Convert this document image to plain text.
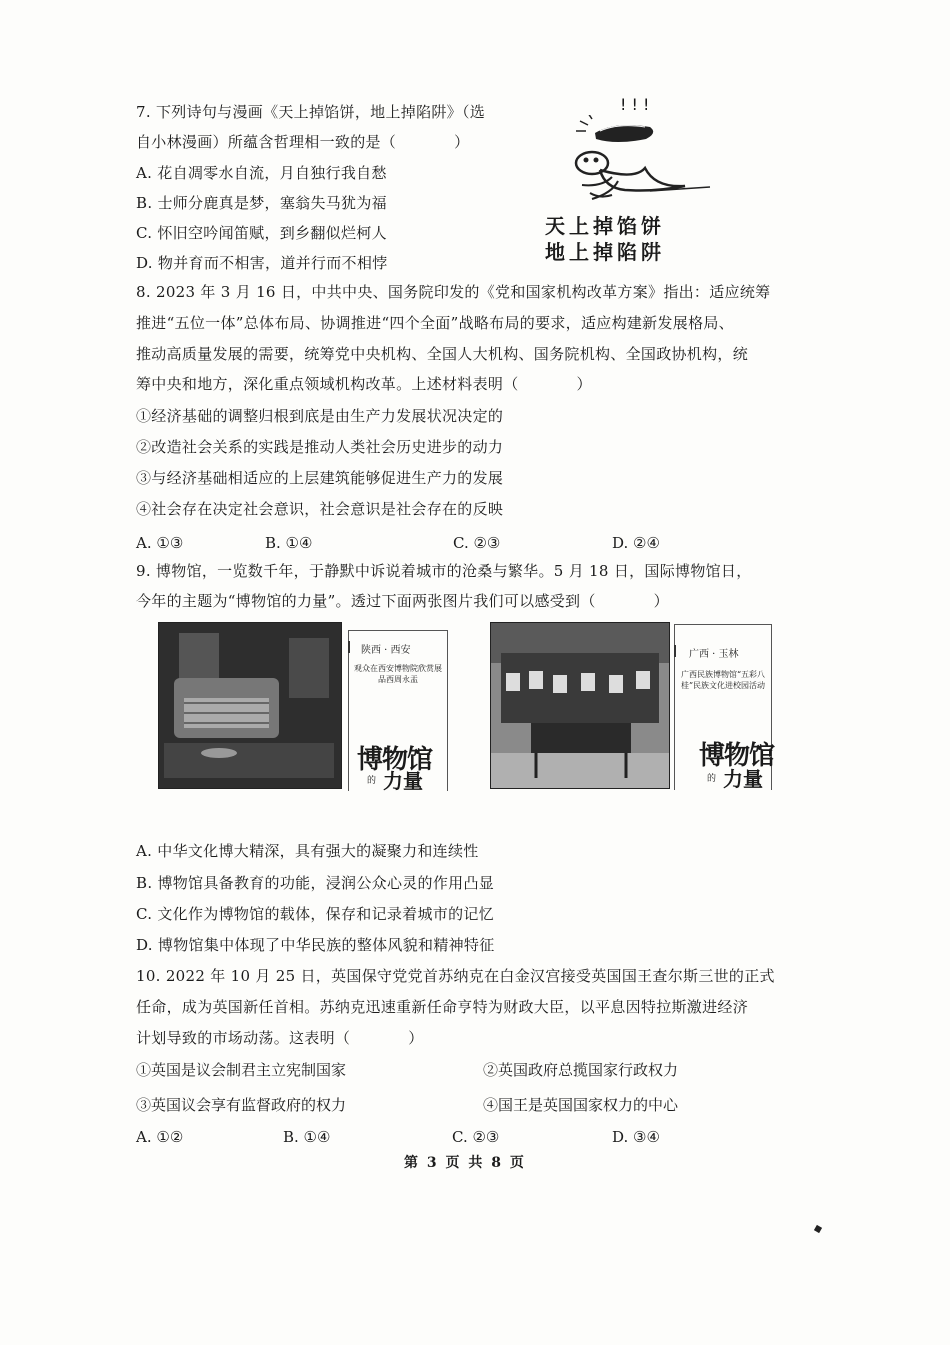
7. 下列诗句与漫画《天上掉馅饼，地上掉陷阱》（选
自小林漫画）所蕴含哲理相一致的是（	）
A. 花自凋零水自流，月自独行我自愁
B. 士师分鹿真是梦，塞翁失马犹为福
C. 怀旧空吟闻笛赋，到乡翻似烂柯人
D. 物并育而不相害，道并行而不相悖
! ! !
天上掉馅饼
地上掉陷阱
8. 2023 年 3 月 16 日，中共中央、国务院印发的《党和国家机构改革方案》指出：适应统筹
推进“五位一体”总体布局、协调推进“四个全面”战略布局的要求，适应构建新发展格局、
推动高质量发展的需要，统筹党中央机构、全国人大机构、国务院机构、全国政协机构，统
筹中央和地方，深化重点领域机构改革。上述材料表明（	）
①经济基础的调整归根到底是由生产力发展状况决定的
②改造社会关系的实践是推动人类社会历史进步的动力
③与经济基础相适应的上层建筑能够促进生产力的发展
④社会存在决定社会意识，社会意识是社会存在的反映
A. ①③	B. ①④	C. ②③	D. ②④
9. 博物馆，一览数千年，于静默中诉说着城市的沧桑与繁华。5 月 18 日，国际博物馆日，
今年的主题为“博物馆的力量”。透过下面两张图片我们可以感受到（	）
陕西 · 西安
观众在西安博物院欣赏展品西周永盂
博物馆
的 力量
广西 · 玉林
广西民族博物馆“五彩八桂”民族文化进校园活动
博物馆
的 力量
A. 中华文化博大精深，具有强大的凝聚力和连续性
B. 博物馆具备教育的功能，浸润公众心灵的作用凸显
C. 文化作为博物馆的载体，保存和记录着城市的记忆
D. 博物馆集中体现了中华民族的整体风貌和精神特征
10. 2022 年 10 月 25 日，英国保守党党首苏纳克在白金汉宫接受英国国王查尔斯三世的正式
任命，成为英国新任首相。苏纳克迅速重新任命亨特为财政大臣，以平息因特拉斯激进经济
计划导致的市场动荡。这表明（	）
①英国是议会制君主立宪制国家	②英国政府总揽国家行政权力
③英国议会享有监督政府的权力	④国王是英国国家权力的中心
A. ①②	B. ①④	C. ②③	D. ③④
第 3 页 共 8 页
